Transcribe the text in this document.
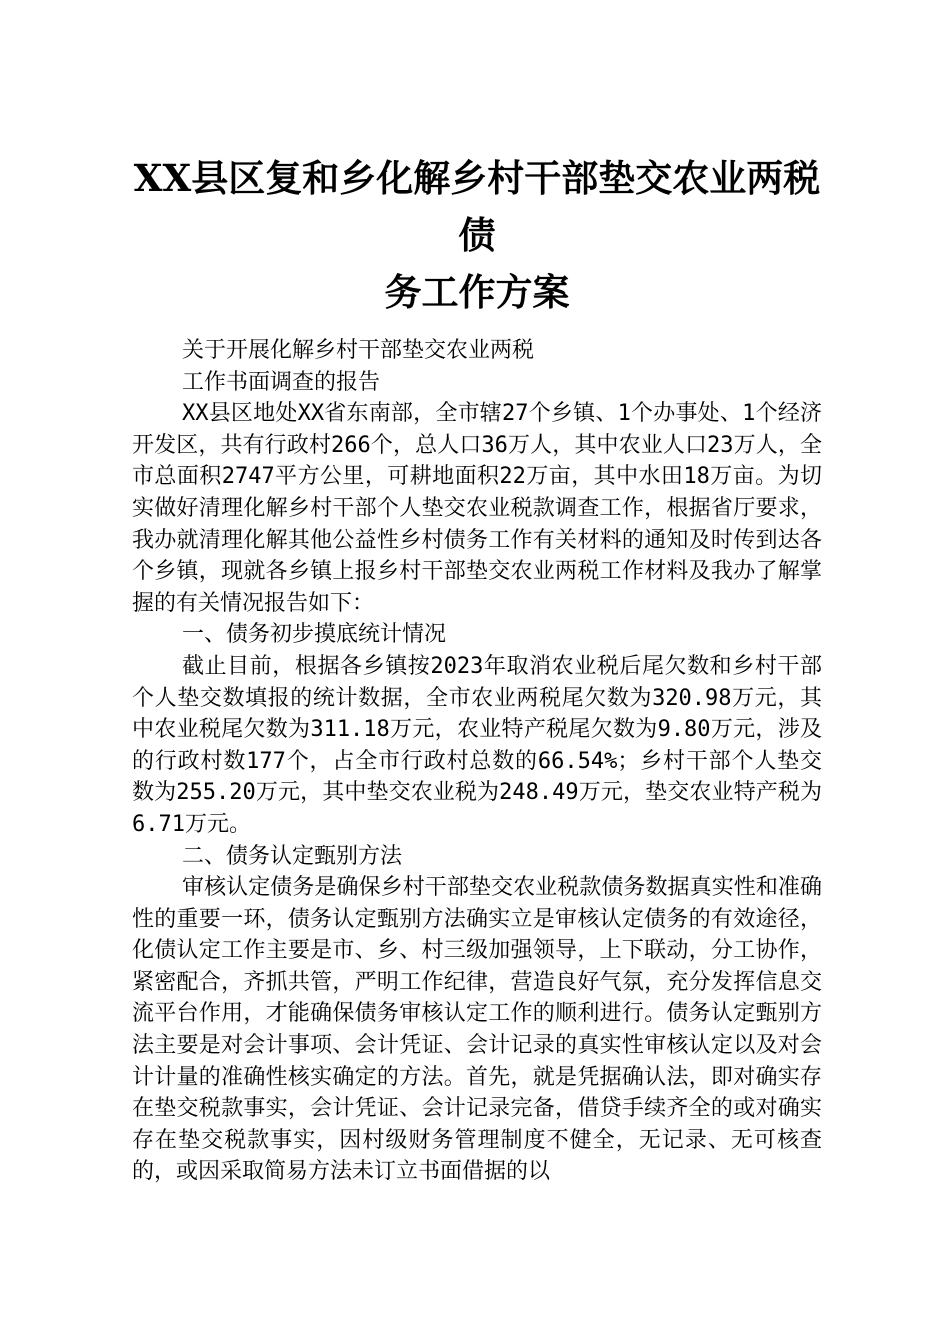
XX县区复和乡化解乡村干部垫交农业两税债
务工作方案

关于开展化解乡村干部垫交农业两税

工作书面调查的报告

XX县区地处XX省东南部，全市辖27个乡镇、1个办事处、1个经济开发区，共有行政村266个，总人口36万人，其中农业人口23万人，全市总面积2747平方公里，可耕地面积22万亩，其中水田18万亩。为切实做好清理化解乡村干部个人垫交农业税款调查工作，根据省厅要求，我办就清理化解其他公益性乡村债务工作有关材料的通知及时传到达各个乡镇，现就各乡镇上报乡村干部垫交农业两税工作材料及我办了解掌握的有关情况报告如下：

一、债务初步摸底统计情况

截止目前，根据各乡镇按2023年取消农业税后尾欠数和乡村干部个人垫交数填报的统计数据，全市农业两税尾欠数为320.98万元，其中农业税尾欠数为311.18万元，农业特产税尾欠数为9.80万元，涉及的行政村数177个，占全市行政村总数的66.54%；乡村干部个人垫交数为255.20万元，其中垫交农业税为248.49万元，垫交农业特产税为6.71万元。

二、债务认定甄别方法

审核认定债务是确保乡村干部垫交农业税款债务数据真实性和准确性的重要一环，债务认定甄别方法确实立是审核认定债务的有效途径，化债认定工作主要是市、乡、村三级加强领导，上下联动，分工协作，紧密配合，齐抓共管，严明工作纪律，营造良好气氛，充分发挥信息交流平台作用，才能确保债务审核认定工作的顺利进行。债务认定甄别方法主要是对会计事项、会计凭证、会计记录的真实性审核认定以及对会计计量的准确性核实确定的方法。首先，就是凭据确认法，即对确实存在垫交税款事实，会计凭证、会计记录完备，借贷手续齐全的或对确实存在垫交税款事实，因村级财务管理制度不健全，无记录、无可核查的，或因采取简易方法未订立书面借据的以
